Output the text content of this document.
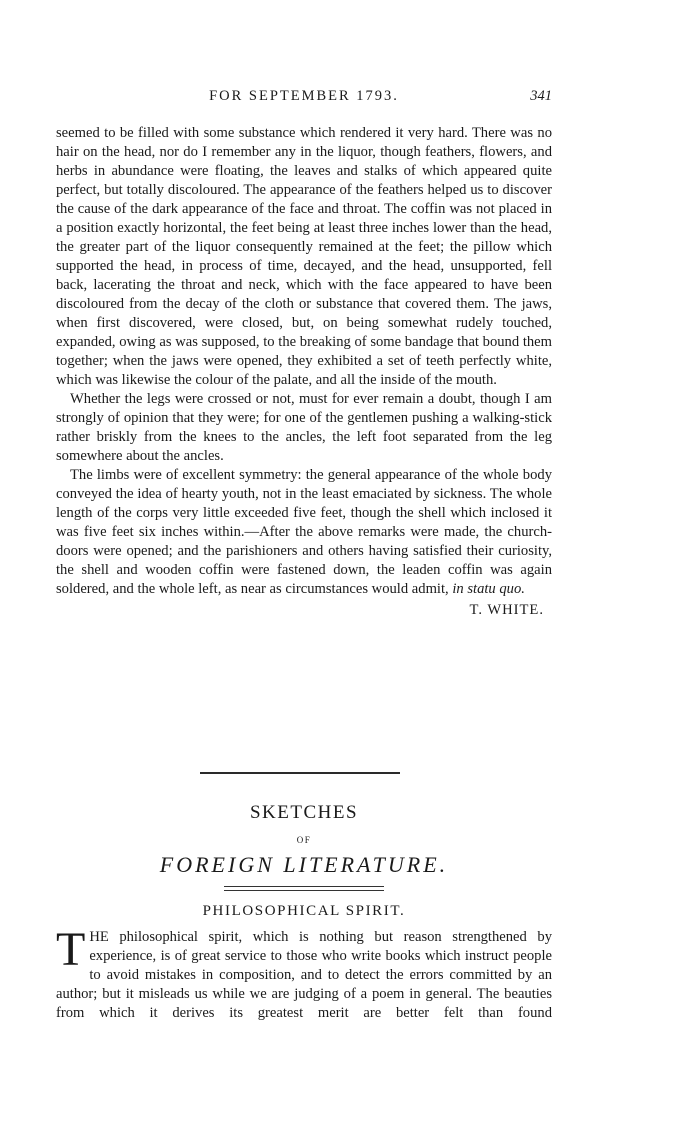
FOR SEPTEMBER 1793.	341

seemed to be filled with some substance which rendered it very hard. There was no hair on the head, nor do I remember any in the liquor, though feathers, flowers, and herbs in abundance were floating, the leaves and stalks of which appeared quite perfect, but totally discoloured. The appearance of the feathers helped us to discover the cause of the dark appearance of the face and throat. The coffin was not placed in a position exactly horizontal, the feet being at least three inches lower than the head, the greater part of the liquor consequently remained at the feet; the pillow which supported the head, in process of time, decayed, and the head, unsupported, fell back, lacerating the throat and neck, which with the face appeared to have been discoloured from the decay of the cloth or substance that covered them. The jaws, when first discovered, were closed, but, on being somewhat rudely touched, expanded, owing as was supposed, to the breaking of some bandage that bound them together; when the jaws were opened, they exhibited a set of teeth perfectly white, which was likewise the colour of the palate, and all the inside of the mouth.

Whether the legs were crossed or not, must for ever remain a doubt, though I am strongly of opinion that they were; for one of the gentlemen pushing a walking-stick rather briskly from the knees to the ancles, the left foot separated from the leg somewhere about the ancles.

The limbs were of excellent symmetry: the general appearance of the whole body conveyed the idea of hearty youth, not in the least emaciated by sickness. The whole length of the corps very little exceeded five feet, though the shell which inclosed it was five feet six inches within.—After the above remarks were made, the church-doors were opened; and the parishioners and others having satisfied their curiosity, the shell and wooden coffin were fastened down, the leaden coffin was again soldered, and the whole left, as near as circumstances would admit, in statu quo.

T. WHITE.
SKETCHES
OF
FOREIGN LITERATURE.
PHILOSOPHICAL SPIRIT.

THE philosophical spirit, which is nothing but reason strengthened by experience, is of great service to those who write books which instruct people to avoid mistakes in composition, and to detect the errors committed by an author; but it misleads us while we are judging of a poem in general. The beauties from which it derives its greatest merit are better felt than found
